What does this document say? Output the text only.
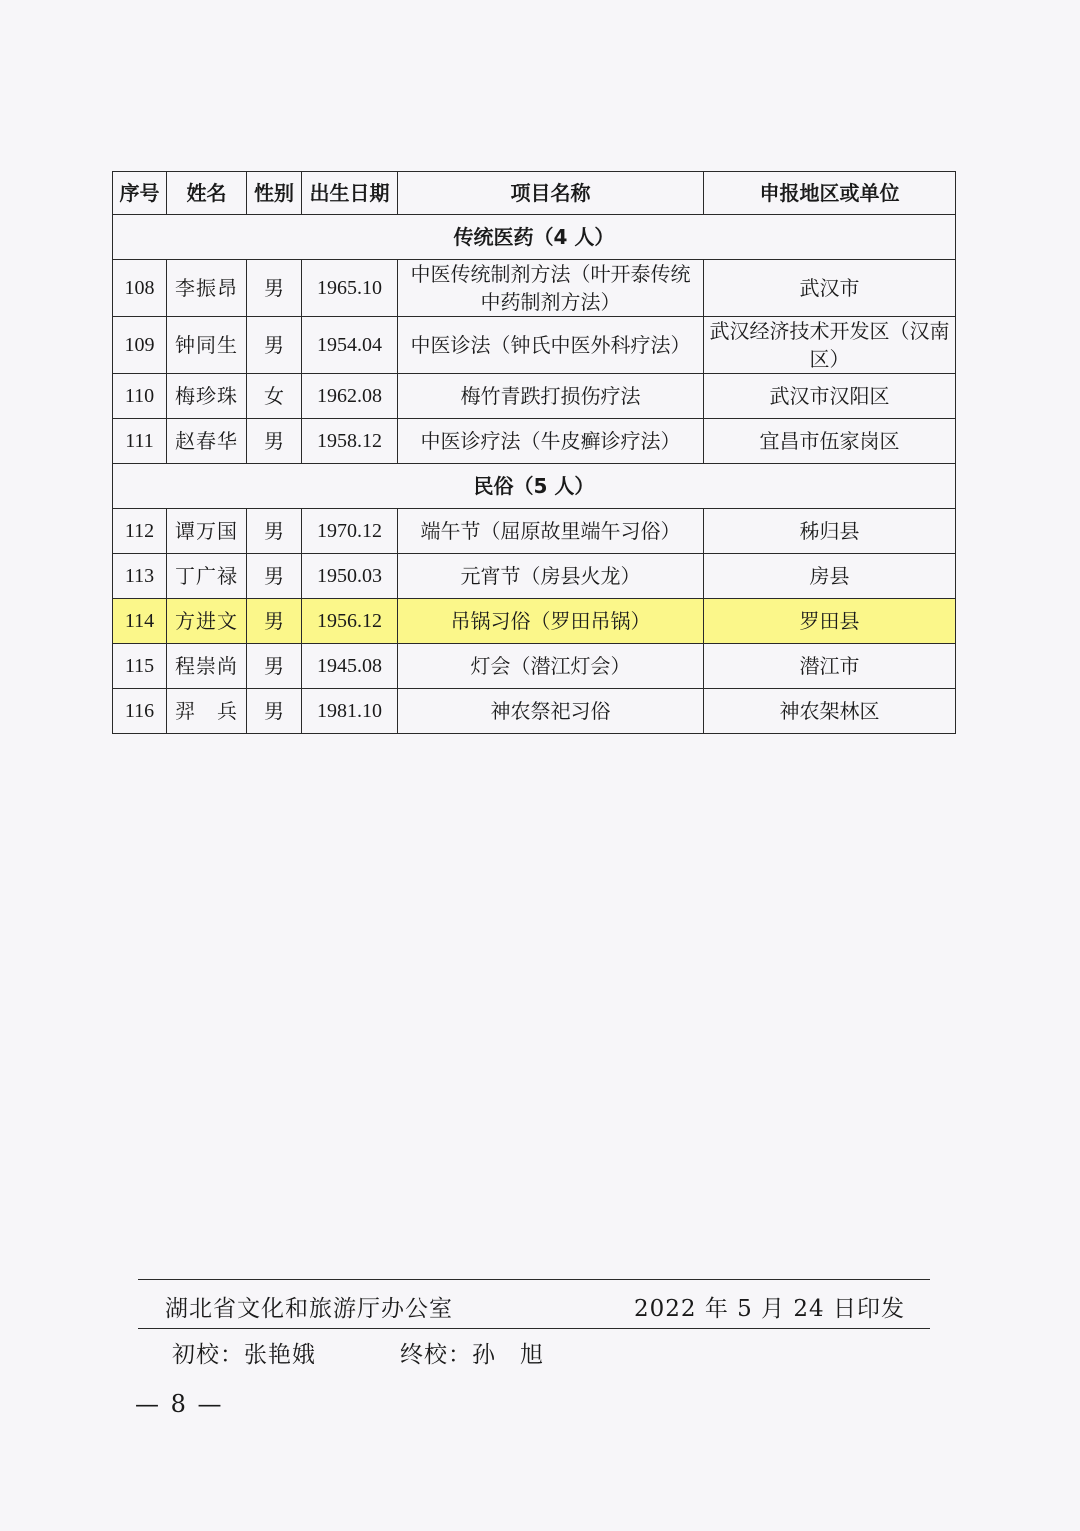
序号	姓名	性别	出生日期	项目名称	申报地区或单位
传统医药（4 人）					
108	李振昂	男	1965.10	中医传统制剂方法（叶开泰传统中药制剂方法）	武汉市
109	钟同生	男	1954.04	中医诊法（钟氏中医外科疗法）	武汉经济技术开发区（汉南区）
110	梅珍珠	女	1962.08	梅竹青跌打损伤疗法	武汉市汉阳区
111	赵春华	男	1958.12	中医诊疗法（牛皮癣诊疗法）	宜昌市伍家岗区
民俗（5 人）					
112	谭万国	男	1970.12	端午节（屈原故里端午习俗）	秭归县
113	丁广禄	男	1950.03	元宵节（房县火龙）	房县
114	方进文	男	1956.12	吊锅习俗（罗田吊锅）	罗田县
115	程崇尚	男	1945.08	灯会（潜江灯会）	潜江市
116	羿　兵	男	1981.10	神农祭祀习俗	神农架林区
湖北省文化和旅游厅办公室	2022 年 5 月 24 日印发
初校：张艳娥	终校：孙　旭
— 8 —
